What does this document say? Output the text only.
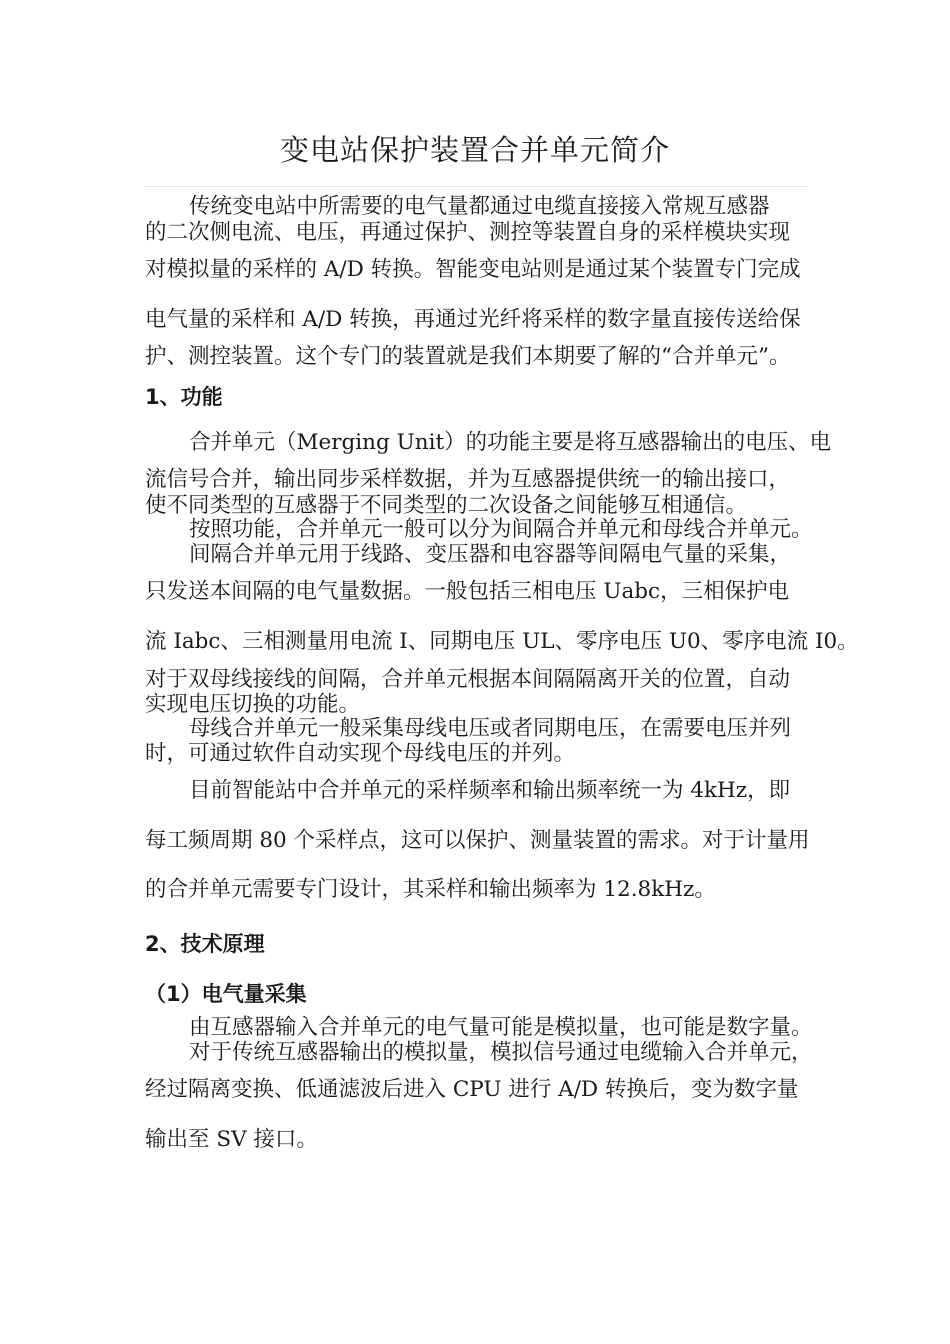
变电站保护装置合并单元简介
传统变电站中所需要的电气量都通过电缆直接接入常规互感器
的二次侧电流、电压，再通过保护、测控等装置自身的采样模块实现
对模拟量的采样的 A/D 转换。智能变电站则是通过某个装置专门完成
电气量的采样和 A/D 转换，再通过光纤将采样的数字量直接传送给保
护、测控装置。这个专门的装置就是我们本期要了解的“合并单元”。
1、功能
合并单元（Merging Unit）的功能主要是将互感器输出的电压、电
流信号合并，输出同步采样数据，并为互感器提供统一的输出接口，
使不同类型的互感器于不同类型的二次设备之间能够互相通信。
按照功能，合并单元一般可以分为间隔合并单元和母线合并单元。
间隔合并单元用于线路、变压器和电容器等间隔电气量的采集，
只发送本间隔的电气量数据。一般包括三相电压 Uabc，三相保护电
流 Iabc、三相测量用电流 I、同期电压 UL、零序电压 U0、零序电流 I0。
对于双母线接线的间隔，合并单元根据本间隔隔离开关的位置，自动
实现电压切换的功能。
母线合并单元一般采集母线电压或者同期电压，在需要电压并列
时，可通过软件自动实现个母线电压的并列。
目前智能站中合并单元的采样频率和输出频率统一为 4kHz，即
每工频周期 80 个采样点，这可以保护、测量装置的需求。对于计量用
的合并单元需要专门设计，其采样和输出频率为 12.8kHz。
2、技术原理
（1）电气量采集
由互感器输入合并单元的电气量可能是模拟量，也可能是数字量。
对于传统互感器输出的模拟量，模拟信号通过电缆输入合并单元，
经过隔离变换、低通滤波后进入 CPU 进行 A/D 转换后，变为数字量
输出至 SV 接口。
